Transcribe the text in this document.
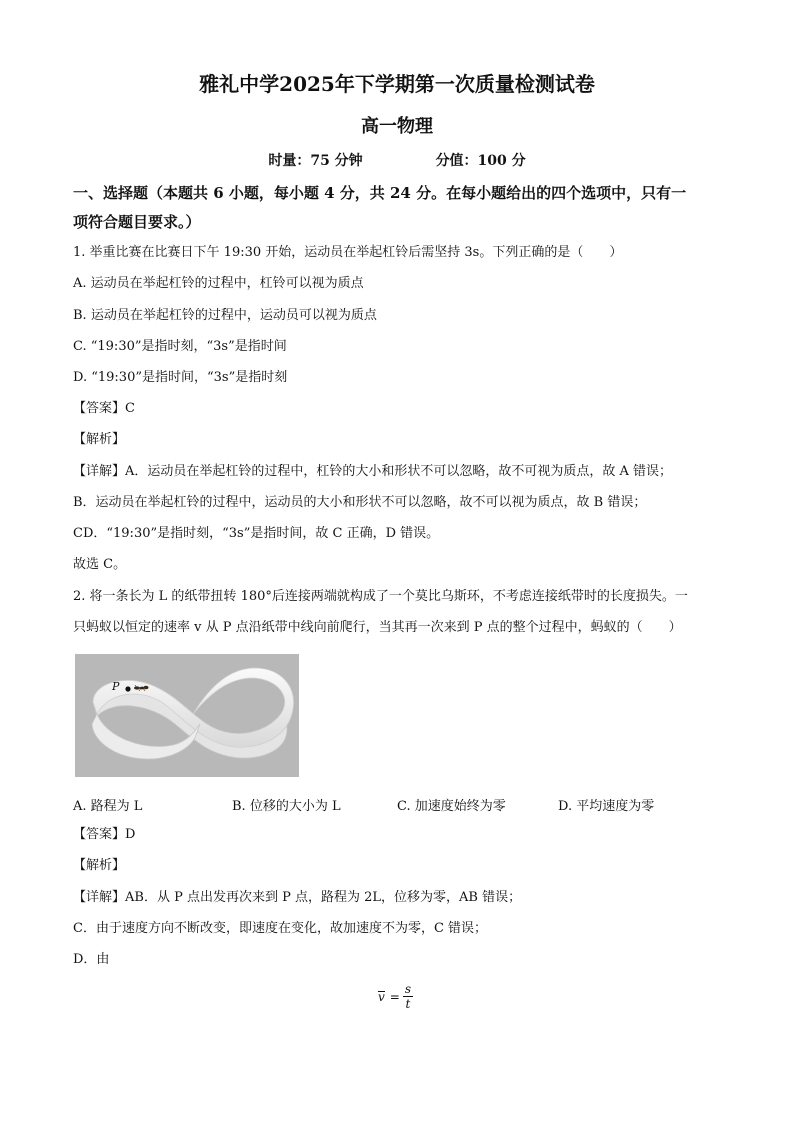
雅礼中学2025年下学期第一次质量检测试卷
高一物理
时量：75 分钟	分值：100 分
一、选择题（本题共 6 小题，每小题 4 分，共 24 分。在每小题给出的四个选项中，只有一
项符合题目要求。）
1. 举重比赛在比赛日下午 19:30 开始，运动员在举起杠铃后需坚持 3s。下列正确的是（　　）
A. 运动员在举起杠铃的过程中，杠铃可以视为质点
B. 运动员在举起杠铃的过程中，运动员可以视为质点
C. “19:30”是指时刻，“3s”是指时间
D. “19:30”是指时间，“3s”是指时刻
【答案】C
【解析】
【详解】A．运动员在举起杠铃的过程中，杠铃的大小和形状不可以忽略，故不可视为质点，故 A 错误；
B．运动员在举起杠铃的过程中，运动员的大小和形状不可以忽略，故不可以视为质点，故 B 错误；
CD．“19:30”是指时刻，“3s”是指时间，故 C 正确，D 错误。
故选 C。
2. 将一条长为 L 的纸带扭转 180°后连接两端就构成了一个莫比乌斯环，不考虑连接纸带时的长度损失。一
只蚂蚁以恒定的速率 v 从 P 点沿纸带中线向前爬行，当其再一次来到 P 点的整个过程中，蚂蚁的（　　）
P
A. 路程为 L	B. 位移的大小为 L	C. 加速度始终为零	D. 平均速度为零
【答案】D
【解析】
【详解】AB．从 P 点出发再次来到 P 点，路程为 2L，位移为零，AB 错误；
C．由于速度方向不断改变，即速度在变化，故加速度不为零，C 错误；
D．由
$v = \frac{s}{t}$
